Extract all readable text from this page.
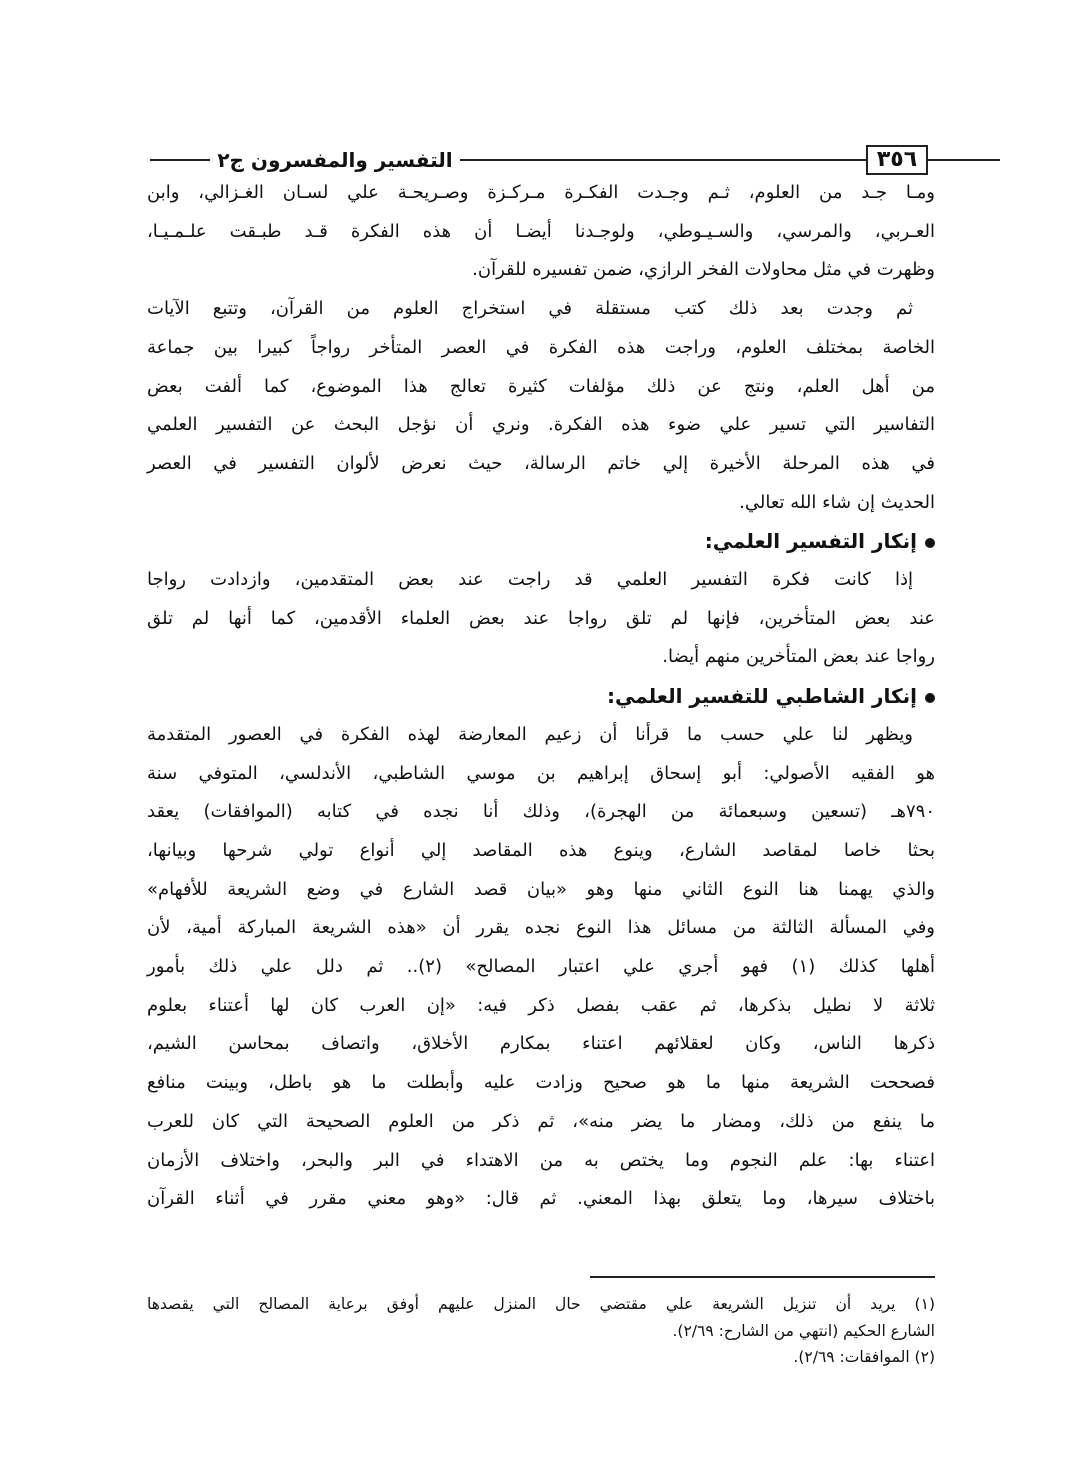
٣٥٦
التفسير والمفسرون ج٢
ومـا جـد من العلوم، ثـم وجـدت الفكـرة مـركـزة وصـريحـة علي لسـان الغـزالي، وابن
العـربي، والمرسي، والسـيـوطي، ولوجـدنا أيضـا أن هذه الفكرة قـد طبـقت علـمـيـا،
وظهرت في مثل محاولات الفخر الرازي، ضمن تفسيره للقرآن.
ثم وجدت بعد ذلك كتب مستقلة في استخراج العلوم من القرآن، وتتبع الآيات
الخاصة بمختلف العلوم، وراجت هذه الفكرة في العصر المتأخر رواجاً كبيرا بين جماعة
من أهل العلم، ونتج عن ذلك مؤلفات كثيرة تعالج هذا الموضوع، كما ألفت بعض
التفاسير التي تسير علي ضوء هذه الفكرة. ونري أن نؤجل البحث عن التفسير العلمي
في هذه المرحلة الأخيرة إلي خاتم الرسالة، حيث نعرض لألوان التفسير في العصر
الحديث إن شاء الله تعالي.
إنكار التفسير العلمي:
إذا كانت فكرة التفسير العلمي قد راجت عند بعض المتقدمين، وازدادت رواجا
عند بعض المتأخرين، فإنها لم تلق رواجا عند بعض العلماء الأقدمين، كما أنها لم تلق
رواجا عند بعض المتأخرين منهم أيضا.
إنكار الشاطبي للتفسير العلمي:
ويظهر لنا علي حسب ما قرأنا أن زعيم المعارضة لهذه الفكرة في العصور المتقدمة
هو الفقيه الأصولي: أبو إسحاق إبراهيم بن موسي الشاطبي، الأندلسي، المتوفي سنة
٧٩٠هـ (تسعين وسبعمائة من الهجرة)، وذلك أنا نجده في كتابه (الموافقات) يعقد
بحثا خاصا لمقاصد الشارع، وينوع هذه المقاصد إلي أنواع تولي شرحها وبيانها،
والذي يهمنا هنا النوع الثاني منها وهو «بيان قصد الشارع في وضع الشريعة للأفهام»
وفي المسألة الثالثة من مسائل هذا النوع نجده يقرر أن «هذه الشريعة المباركة أمية، لأن
أهلها كذلك (١) فهو أجري علي اعتبار المصالح» (٢).. ثم دلل علي ذلك بأمور
ثلاثة لا نطيل بذكرها، ثم عقب بفصل ذكر فيه: «إن العرب كان لها أعتناء بعلوم
ذكرها الناس، وكان لعقلائهم اعتناء بمكارم الأخلاق، واتصاف بمحاسن الشيم،
فصححت الشريعة منها ما هو صحيح وزادت عليه وأبطلت ما هو باطل، وبينت منافع
ما ينفع من ذلك، ومضار ما يضر منه»، ثم ذكر من العلوم الصحيحة التي كان للعرب
اعتناء بها: علم النجوم وما يختص به من الاهتداء في البر والبحر، واختلاف الأزمان
باختلاف سيرها، وما يتعلق بهذا المعني. ثم قال: «وهو معني مقرر في أثناء القرآن
(١) يريد أن تنزيل الشريعة علي مقتضي حال المنزل عليهم أوفق برعاية المصالح التي يقصدها
الشارع الحكيم (انتهي من الشارح: ٢/٦٩).
(٢) الموافقات: ٢/٦٩).
